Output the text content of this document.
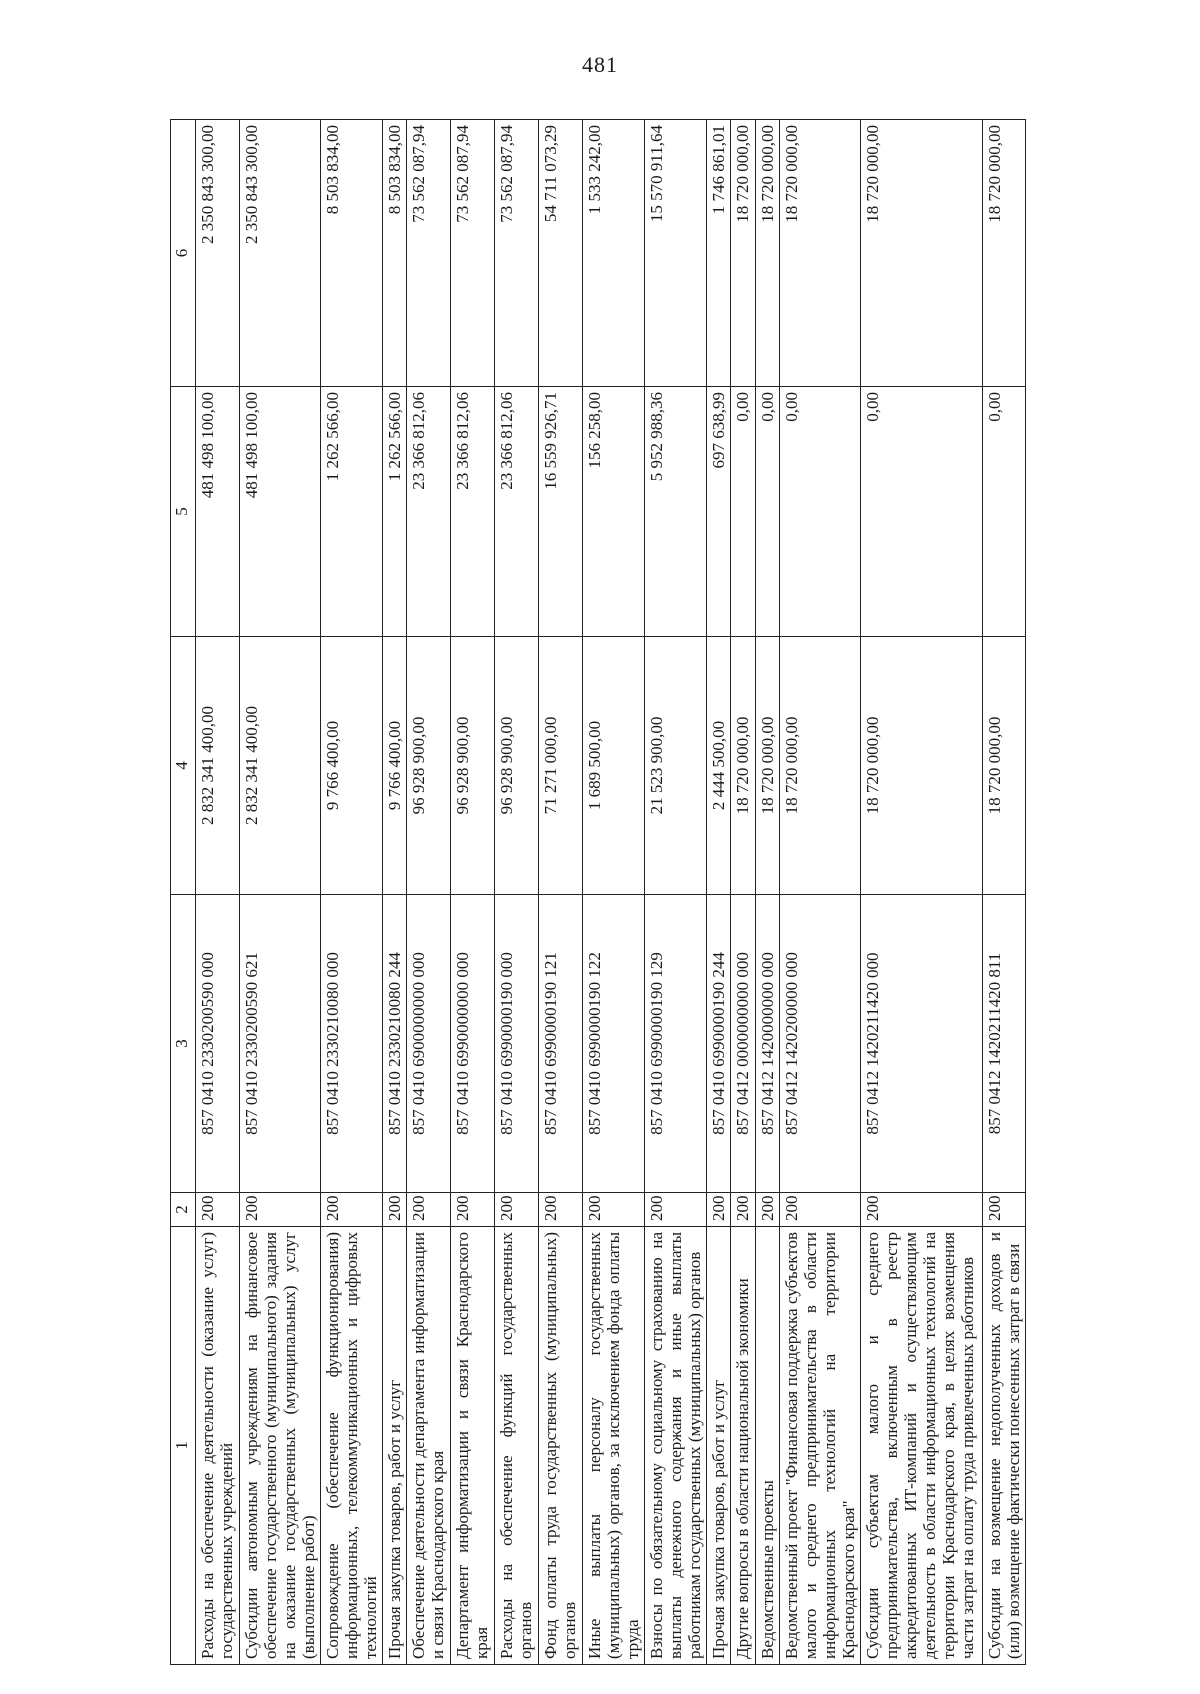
481
1	2	3	4	5	6
Расходы на обеспечение деятельности (оказание услуг) государственных учреждений	200	857 0410 2330200590 000	2 832 341 400,00	481 498 100,00	2 350 843 300,00
Субсидии автономным учреждениям на финансовое обеспечение государственного (муниципального) задания на оказание государственных (муниципальных) услуг (выполнение работ)	200	857 0410 2330200590 621	2 832 341 400,00	481 498 100,00	2 350 843 300,00
Сопровождение (обеспечение функционирования) информационных, телекоммуникационных и цифровых технологий	200	857 0410 2330210080 000	9 766 400,00	1 262 566,00	8 503 834,00
Прочая закупка товаров, работ и услуг	200	857 0410 2330210080 244	9 766 400,00	1 262 566,00	8 503 834,00
Обеспечение деятельности департамента информатизации и связи Краснодарского края	200	857 0410 6900000000 000	96 928 900,00	23 366 812,06	73 562 087,94
Департамент информатизации и связи Краснодарского края	200	857 0410 6990000000 000	96 928 900,00	23 366 812,06	73 562 087,94
Расходы на обеспечение функций государственных органов	200	857 0410 6990000190 000	96 928 900,00	23 366 812,06	73 562 087,94
Фонд оплаты труда государственных (муниципальных) органов	200	857 0410 6990000190 121	71 271 000,00	16 559 926,71	54 711 073,29
Иные выплаты персоналу государственных (муниципальных) органов, за исключением фонда оплаты труда	200	857 0410 6990000190 122	1 689 500,00	156 258,00	1 533 242,00
Взносы по обязательному социальному страхованию на выплаты денежного содержания и иные выплаты работникам государственных (муниципальных) органов	200	857 0410 6990000190 129	21 523 900,00	5 952 988,36	15 570 911,64
Прочая закупка товаров, работ и услуг	200	857 0410 6990000190 244	2 444 500,00	697 638,99	1 746 861,01
Другие вопросы в области национальной экономики	200	857 0412 0000000000 000	18 720 000,00	0,00	18 720 000,00
Ведомственные проекты	200	857 0412 1420000000 000	18 720 000,00	0,00	18 720 000,00
Ведомственный проект "Финансовая поддержка субъектов малого и среднего предпринимательства в области информационных технологий на территории Краснодарского края"	200	857 0412 1420200000 000	18 720 000,00	0,00	18 720 000,00
Субсидии субъектам малого и среднего предпринимательства, включенным в реестр аккредитованных ИТ-компаний и осуществляющим деятельность в области информационных технологий на территории Краснодарского края, в целях возмещения части затрат на оплату труда привлеченных работников	200	857 0412 1420211420 000	18 720 000,00	0,00	18 720 000,00
Субсидии на возмещение недополученных доходов и (или) возмещение фактически понесенных затрат в связи	200	857 0412 1420211420 811	18 720 000,00	0,00	18 720 000,00
